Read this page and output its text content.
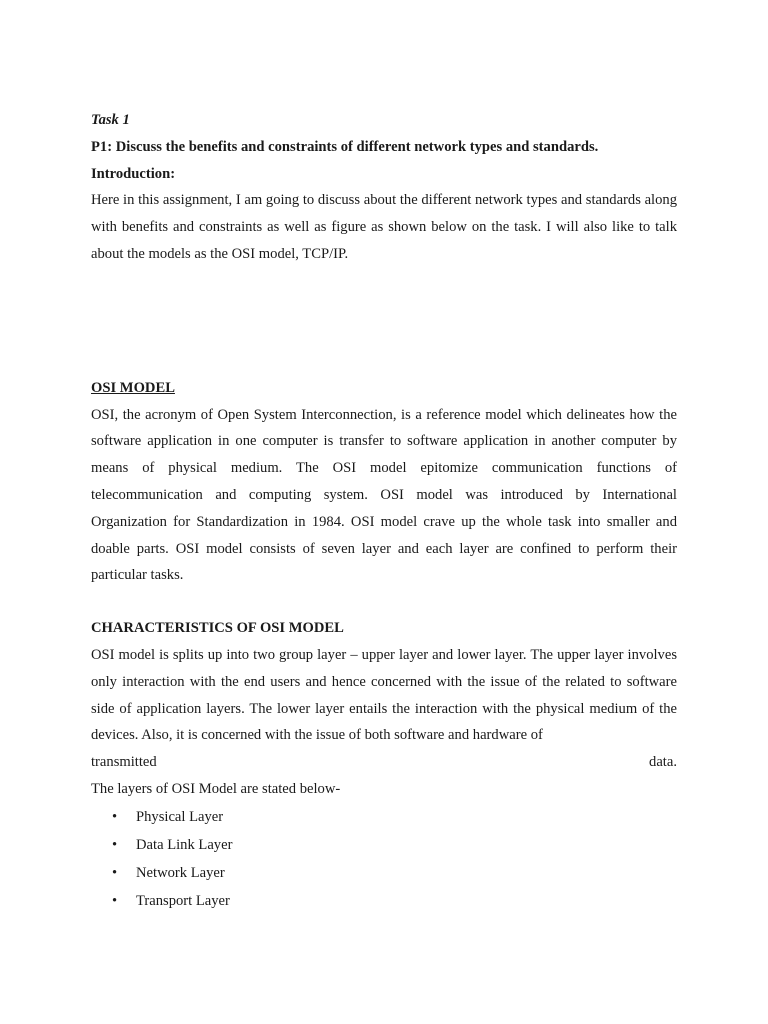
Task 1
P1: Discuss the benefits and constraints of different network types and standards.
Introduction:
Here in this assignment, I am going to discuss about the different network types and standards along with benefits and constraints as well as figure as shown below on the task. I will also like to talk about the models as the OSI model, TCP/IP.
OSI MODEL
OSI, the acronym of Open System Interconnection, is a reference model which delineates how the software application in one computer is transfer to software application in another computer by means of physical medium. The OSI model epitomize communication functions of telecommunication and computing system. OSI model was introduced by International Organization for Standardization in 1984. OSI model crave up the whole task into smaller and doable parts. OSI model consists of seven layer and each layer are confined to perform their particular tasks.
CHARACTERISTICS OF OSI MODEL
OSI model is splits up into two group layer – upper layer and lower layer. The upper layer involves only interaction with the end users and hence concerned with the issue of the related to software side of application layers. The lower layer entails the interaction with the physical medium of the devices. Also, it is concerned with the issue of both software and hardware of
transmitted	data.
The layers of OSI Model are stated below-
• Physical Layer
• Data Link Layer
• Network Layer
• Transport Layer
